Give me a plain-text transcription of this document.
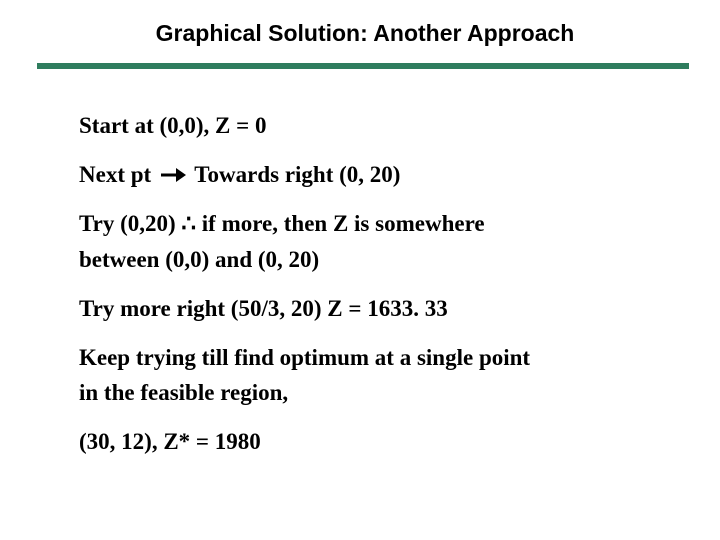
Graphical Solution: Another Approach
Start at (0,0), Z = 0
Next pt Towards right (0, 20)
Try (0,20) ∴ if more, then Z is somewhere
between (0,0) and (0, 20)
Try more right (50/3, 20) Z = 1633. 33
Keep trying till find optimum at a single point
in the feasible region,
(30, 12), Z* = 1980
